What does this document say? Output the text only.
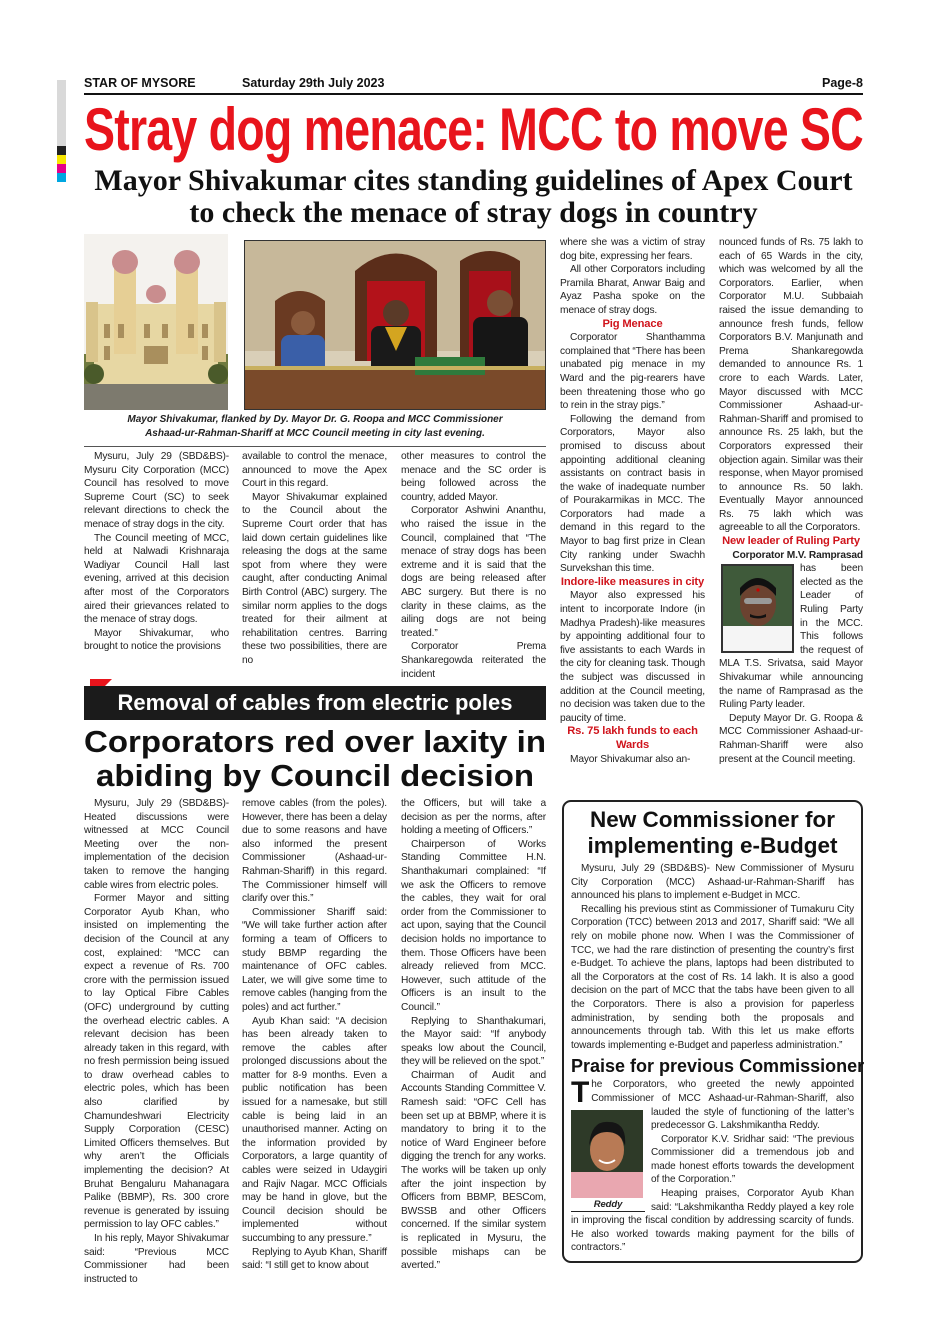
STAR OF MYSORE	Saturday 29th July 2023	Page-8
Stray dog menace: MCC to move SC
Mayor Shivakumar cites standing guidelines of Apex Court
to check the menace of stray dogs in country
Mayor Shivakumar, flanked by Dy. Mayor Dr. G. Roopa and MCC Commissioner
Ashaad-ur-Rahman-Shariff at MCC Council meeting in city last evening.

Mysuru, July 29 (SBD&BS)- Mysuru City Corporation (MCC) Council has resolved to move Supreme Court (SC) to seek relevant directions to check the menace of stray dogs in the city.

The Council meeting of MCC, held at Nalwadi Krishnaraja Wadiyar Council Hall last evening, arrived at this decision after most of the Corporators aired their grievances related to the menace of stray dogs.

Mayor Shivakumar, who brought to notice the provisions

available to control the menace, announced to move the Apex Court in this regard.

Mayor Shivakumar explained to the Council about the Supreme Court order that has laid down certain guidelines like releasing the dogs at the same spot from where they were caught, after conducting Animal Birth Control (ABC) surgery. The similar norm applies to the dogs treated for their ailment at rehabilitation centres. Barring these two possibilities, there are no

other measures to control the menace and the SC order is being followed across the country, added Mayor.

Corporator Ashwini Ananthu, who raised the issue in the Council, complained that “The menace of stray dogs has been extreme and it is said that the dogs are being released after ABC surgery. But there is no clarity in these claims, as the ailing dogs are not being treated.”

Corporator Prema Shankaregowda reiterated the incident

where she was a victim of stray dog bite, expressing her fears.

All other Corporators including Pramila Bharat, Anwar Baig and Ayaz Pasha spoke on the menace of stray dogs.

Pig Menace

Corporator Shanthamma complained that “There has been unabated pig menace in my Ward and the pig-rearers have been threatening those who go to rein in the stray pigs.”

Following the demand from Corporators, Mayor also promised to discuss about appointing additional cleaning assistants on contract basis in the wake of inadequate number of Pourakarmikas in MCC. The Corporators had made a demand in this regard to the Mayor to bag first prize in Clean City ranking under Swachh Survekshan this time.

Indore-like measures in city

Mayor also expressed his intent to incorporate Indore (in Madhya Pradesh)-like measures by appointing additional four to five assistants to each Wards in the city for cleaning task. Though the subject was discussed in addition at the Council meeting, no decision was taken due to the paucity of time.

Rs. 75 lakh funds to each Wards

Mayor Shivakumar also an-

nounced funds of Rs. 75 lakh to each of 65 Wards in the city, which was welcomed by all the Corporators. Earlier, when Corporator M.U. Subbaiah raised the issue demanding to announce fresh funds, fellow Corporators B.V. Manjunath and Prema Shankaregowda demanded to announce Rs. 1 crore to each Wards. Later, Mayor discussed with MCC Commissioner Ashaad-ur-Rahman-Shariff and promised to announce Rs. 25 lakh, but the Corporators expressed their objection again. Similar was their response, when Mayor promised to announce Rs. 50 lakh. Eventually Mayor announced Rs. 75 lakh which was agreeable to all the Corporators.

New leader of Ruling Party

Corporator M.V. Ramprasad

has been elected as the Leader of Ruling Party in the MCC. This follows the request of MLA T.S. Srivatsa, said Mayor Shivakumar while announcing the name of Ramprasad as the Ruling Party leader.

Deputy Mayor Dr. G. Roopa & MCC Commissioner Ashaad-ur-Rahman-Shariff were also present at the Council meeting.

Removal of cables from electric poles
Corporators red over laxity in
abiding by Council decision

Mysuru, July 29 (SBD&BS)- Heated discussions were witnessed at MCC Council Meeting over the non-implementation of the decision taken to remove the hanging cable wires from electric poles.

Former Mayor and sitting Corporator Ayub Khan, who insisted on implementing the decision of the Council at any cost, explained: “MCC can expect a revenue of Rs. 700 crore with the permission issued to lay Optical Fibre Cables (OFC) underground by cutting the overhead electric cables. A relevant decision has been already taken in this regard, with no fresh permission being issued to draw overhead cables to electric poles, which has been also clarified by Chamundeshwari Electricity Supply Corporation (CESC) Limited Officers themselves. But why aren’t the Officials implementing the decision? At Bruhat Bengaluru Mahanagara Palike (BBMP), Rs. 300 crore revenue is generated by issuing permission to lay OFC cables.”

In his reply, Mayor Shivakumar said: “Previous MCC Commissioner had been instructed to

remove cables (from the poles). However, there has been a delay due to some reasons and have also informed the present Commissioner (Ashaad-ur-Rahman-Shariff) in this regard. The Commissioner himself will clarify over this.”

Commissioner Shariff said: “We will take further action after forming a team of Officers to study BBMP regarding the maintenance of OFC cables. Later, we will give some time to remove cables (hanging from the poles) and act further.”

Ayub Khan said: “A decision has been already taken to remove the cables after prolonged discussions about the matter for 8-9 months. Even a public notification has been issued for a namesake, but still cable is being laid in an unauthorised manner. Acting on the information provided by Corporators, a large quantity of cables were seized in Udaygiri and Rajiv Nagar. MCC Officials may be hand in glove, but the Council decision should be implemented without succumbing to any pressure.”

Replying to Ayub Khan, Shariff said: “I still get to know about

the Officers, but will take a decision as per the norms, after holding a meeting of Officers.”

Chairperson of Works Standing Committee H.N. Shanthakumari complained: “If we ask the Officers to remove the cables, they wait for oral order from the Commissioner to act upon, saying that the Council decision holds no importance to them. Those Officers have been already relieved from MCC. However, such attitude of the Officers is an insult to the Council.”

Replying to Shanthakumari, the Mayor said: “If anybody speaks low about the Council, they will be relieved on the spot.”

Chairman of Audit and Accounts Standing Committee V. Ramesh said: “OFC Cell has been set up at BBMP, where it is mandatory to bring it to the notice of Ward Engineer before digging the trench for any works. The works will be taken up only after the joint inspection by Officers from BBMP, BESCom, BWSSB and other Officers concerned. If the similar system is replicated in Mysuru, the possible mishaps can be averted.”

New Commissioner for
implementing e-Budget

Mysuru, July 29 (SBD&BS)- New Commissioner of Mysuru City Corporation (MCC) Ashaad-ur-Rahman-Shariff has announced his plans to implement e-Budget in MCC.

Recalling his previous stint as Commissioner of Tumakuru City Corporation (TCC) between 2013 and 2017, Shariff said: “We all rely on mobile phone now. When I was the Commissioner of TCC, we had the rare distinction of presenting the country’s first e-Budget. To achieve the plans, laptops had been distributed to all the Corporators at the cost of Rs. 14 lakh. It is also a good decision on the part of MCC that the tabs have been given to all the Corporators. There is also a provision for paperless administration, by sending both the proposals and announcements through tab. With this let us make efforts towards implementing e-Budget and paperless administration.”

Praise for previous Commissioner
T
Reddy

he Corporators, who greeted the newly appointed Commissioner of MCC Ashaad-ur-Rahman-Shariff, also lauded the style of functioning of the latter’s predecessor G. Lakshmikantha Reddy.

Corporator K.V. Sridhar said: “The previous Commissioner did a tremendous job and made honest efforts towards the development of the Corporation.”

Heaping praises, Corporator Ayub Khan said: “Lakshmikantha Reddy played a key role in improving the fiscal condition by addressing scarcity of funds. He also worked towards making payment for the bills of contractors.”
